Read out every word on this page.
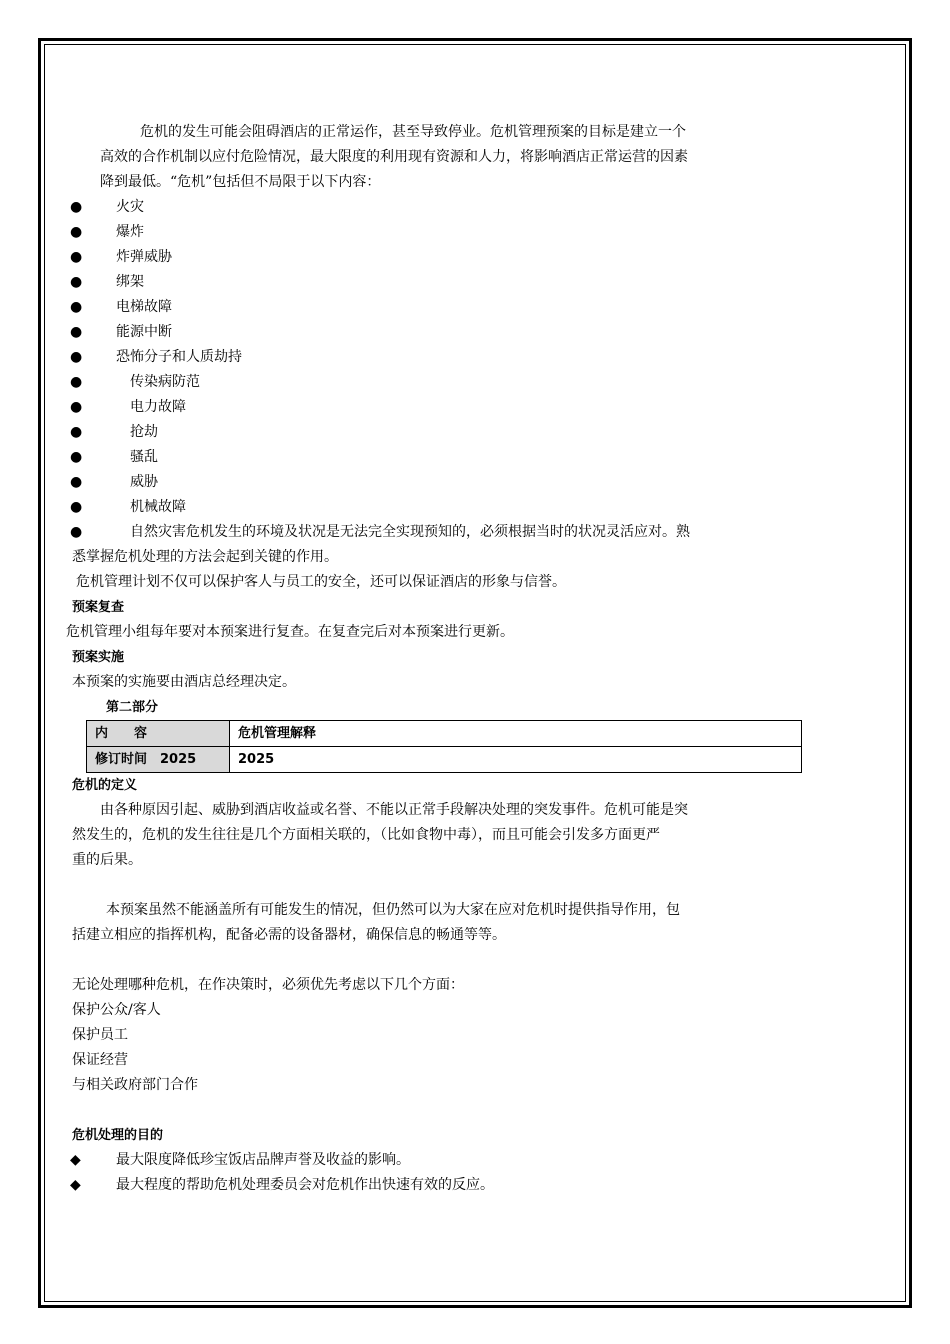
危机的发生可能会阻碍酒店的正常运作，甚至导致停业。危机管理预案的目标是建立一个

高效的合作机制以应付危险情况，最大限度的利用现有资源和人力，将影响酒店正常运营的因素

降到最低。“危机”包括但不局限于以下内容：

●	火灾
●	爆炸
●	炸弹威胁
●	绑架
●	电梯故障
●	能源中断
●	恐怖分子和人质劫持
●	传染病防范
●	电力故障
●	抢劫
●	骚乱
●	威胁
●	机械故障
●	自然灾害危机发生的环境及状况是无法完全实现预知的，必须根据当时的状况灵活应对。熟

悉掌握危机处理的方法会起到关键的作用。

危机管理计划不仅可以保护客人与员工的安全，还可以保证酒店的形象与信誉。

预案复查

危机管理小组每年要对本预案进行复查。在复查完后对本预案进行更新。

预案实施

本预案的实施要由酒店总经理决定。

第二部分

内　　容	危机管理解释
修订时间　2025	2025

危机的定义

由各种原因引起、威胁到酒店收益或名誉、不能以正常手段解决处理的突发事件。危机可能是突

然发生的，危机的发生往往是几个方面相关联的，（比如食物中毒），而且可能会引发多方面更严

重的后果。

本预案虽然不能涵盖所有可能发生的情况，但仍然可以为大家在应对危机时提供指导作用，包

括建立相应的指挥机构，配备必需的设备器材，确保信息的畅通等等。

无论处理哪种危机，在作决策时，必须优先考虑以下几个方面：

保护公众/客人

保护员工

保证经营

与相关政府部门合作

危机处理的目的

◆	最大限度降低珍宝饭店品牌声誉及收益的影响。
◆	最大程度的帮助危机处理委员会对危机作出快速有效的反应。
